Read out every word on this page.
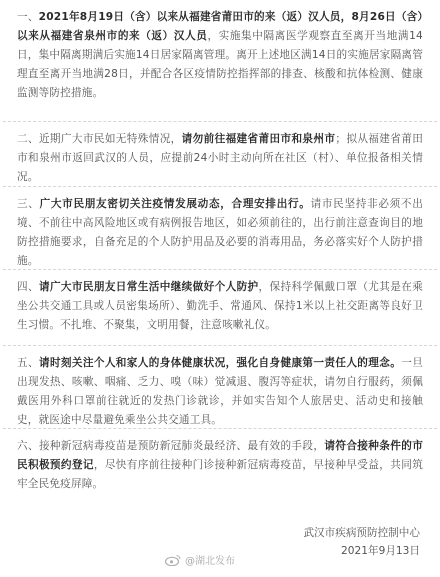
一、2021年8月19日（含）以来从福建省莆田市的来（返）汉人员，8月26日（含）以来从福建省泉州市的来（返）汉人员，实施集中隔离医学观察直至离开当地满14日，集中隔离期满后实施14日居家隔离管理。离开上述地区满14日的实施居家隔离管理直至离开当地满28日，并配合各区疫情防控指挥部的排查、核酸和抗体检测、健康监测等防控措施。

二、近期广大市民如无特殊情况，请勿前往福建省莆田市和泉州市；拟从福建省莆田市和泉州市返回武汉的人员，应提前24小时主动向所在社区（村）、单位报备相关情况。

三、广大市民朋友密切关注疫情发展动态，合理安排出行。请市民坚持非必须不出境、不前往中高风险地区或有病例报告地区，如必须前往的，出行前注意查询目的地防控措施要求，自备充足的个人防护用品及必要的消毒用品，务必落实好个人防护措施。

四、请广大市民朋友日常生活中继续做好个人防护，保持科学佩戴口罩（尤其是在乘坐公共交通工具或人员密集场所）、勤洗手、常通风、保持1米以上社交距离等良好卫生习惯。不扎堆、不聚集，文明用餐，注意咳嗽礼仪。

五、请时刻关注个人和家人的身体健康状况，强化自身健康第一责任人的理念。一旦出现发热、咳嗽、咽痛、乏力、嗅（味）觉减退、腹泻等症状，请勿自行服药，须佩戴医用外科口罩前往就近的发热门诊就诊，并如实告知个人旅居史、活动史和接触史，就医途中尽量避免乘坐公共交通工具。

六、接种新冠病毒疫苗是预防新冠肺炎最经济、最有效的手段，请符合接种条件的市民积极预约登记，尽快有序前往接种门诊接种新冠病毒疫苗，早接种早受益，共同筑牢全民免疫屏障。

武汉市疾病预防控制中心
2021年9月13日
@湖北发布
